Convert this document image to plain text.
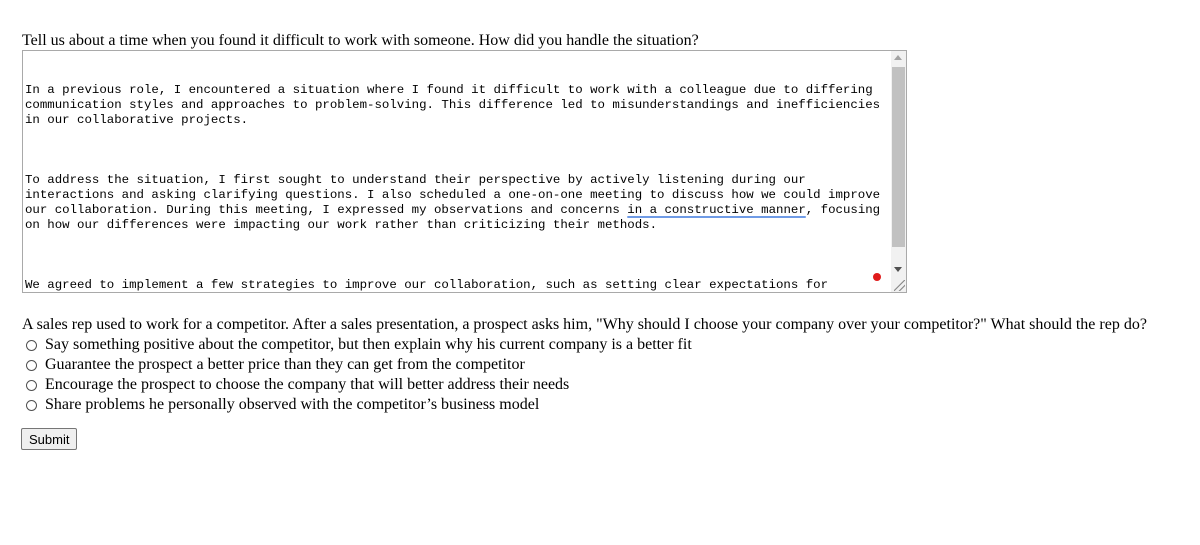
Tell us about a time when you found it difficult to work with someone. How did you handle the situation?

In a previous role, I encountered a situation where I found it difficult to work with a colleague due to differing communication styles and approaches to problem-solving. This difference led to misunderstandings and inefficiencies in our collaborative projects.

To address the situation, I first sought to understand their perspective by actively listening during our interactions and asking clarifying questions. I also scheduled a one-on-one meeting to discuss how we could improve our collaboration. During this meeting, I expressed my observations and concerns in a constructive manner, focusing on how our differences were impacting our work rather than criticizing their methods.

We agreed to implement a few strategies to improve our collaboration, such as setting clear expectations for

A sales rep used to work for a competitor. After a sales presentation, a prospect asks him, "Why should I choose your company over your competitor?" What should the rep do?
Say something positive about the competitor, but then explain why his current company is a better fit
Guarantee the prospect a better price than they can get from the competitor
Encourage the prospect to choose the company that will better address their needs
Share problems he personally observed with the competitor’s business model
Submit
